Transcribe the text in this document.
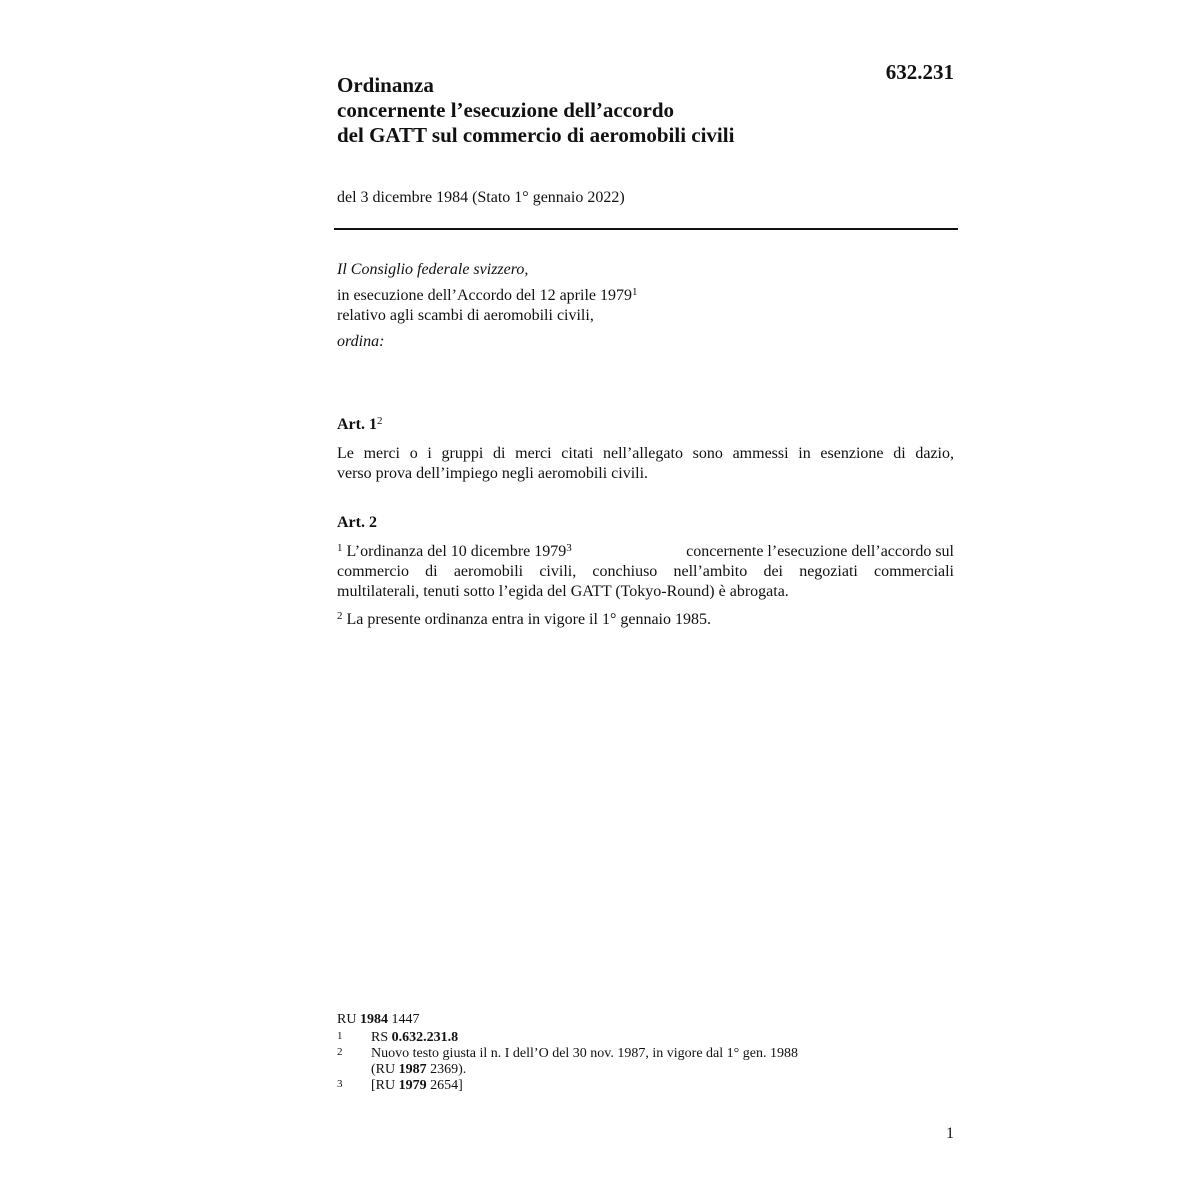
Ordinanza
concernente l’esecuzione dell’accordo
del GATT sul commercio di aeromobili civili
632.231
del 3 dicembre 1984 (Stato 1° gennaio 2022)
Il Consiglio federale svizzero,
in esecuzione dell’Accordo del 12 aprile 1979$^1$
relativo agli scambi di aeromobili civili,
ordina:
Art. $1^2$
Le merci o i gruppi di merci citati nell’allegato sono ammessi in esenzione di dazio,
verso prova dell’impiego negli aeromobili civili.
Art. 2
$^1$ L’ordinanza del 10 dicembre 1979$^3$	concernente l’esecuzione dell’accordo sul
commercio di aeromobili civili, conchiuso nell’ambito dei negoziati commerciali
multilaterali, tenuti sotto l’egida del GATT (Tokyo-Round) è abrogata.
$^2$ La presente ordinanza entra in vigore il 1° gennaio 1985.
RU 1984 1447
1	RS 0.632.231.8
2	Nuovo testo giusta il n. I dell’O del 30 nov. 1987, in vigore dal 1° gen. 1988
(RU 1987 2369).
3	[RU 1979 2654]
1
